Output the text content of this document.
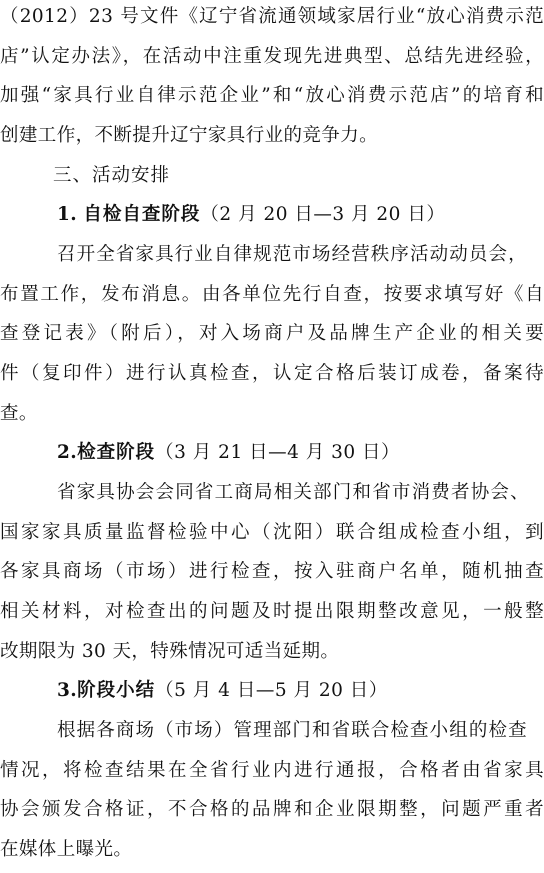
（2012）23 号文件《辽宁省流通领域家居行业“放心消费示范
店”认定办法》，在活动中注重发现先进典型、总结先进经验，
加强“家具行业自律示范企业”和“放心消费示范店”的培育和
创建工作，不断提升辽宁家具行业的竞争力。
三、活动安排
1. 自检自查阶段（2 月 20 日—3 月 20 日）
召开全省家具行业自律规范市场经营秩序活动动员会，
布置工作，发布消息。由各单位先行自查，按要求填写好《自
查登记表》（附后），对入场商户及品牌生产企业的相关要
件（复印件）进行认真检查，认定合格后装订成卷，备案待
查。
2.检查阶段（3 月 21 日—4 月 30 日）
省家具协会会同省工商局相关部门和省市消费者协会、
国家家具质量监督检验中心（沈阳）联合组成检查小组，到
各家具商场（市场）进行检查，按入驻商户名单，随机抽查
相关材料，对检查出的问题及时提出限期整改意见，一般整
改期限为 30 天，特殊情况可适当延期。
3.阶段小结（5 月 4 日—5 月 20 日）
根据各商场（市场）管理部门和省联合检查小组的检查
情况，将检查结果在全省行业内进行通报，合格者由省家具
协会颁发合格证，不合格的品牌和企业限期整，问题严重者
在媒体上曝光。
